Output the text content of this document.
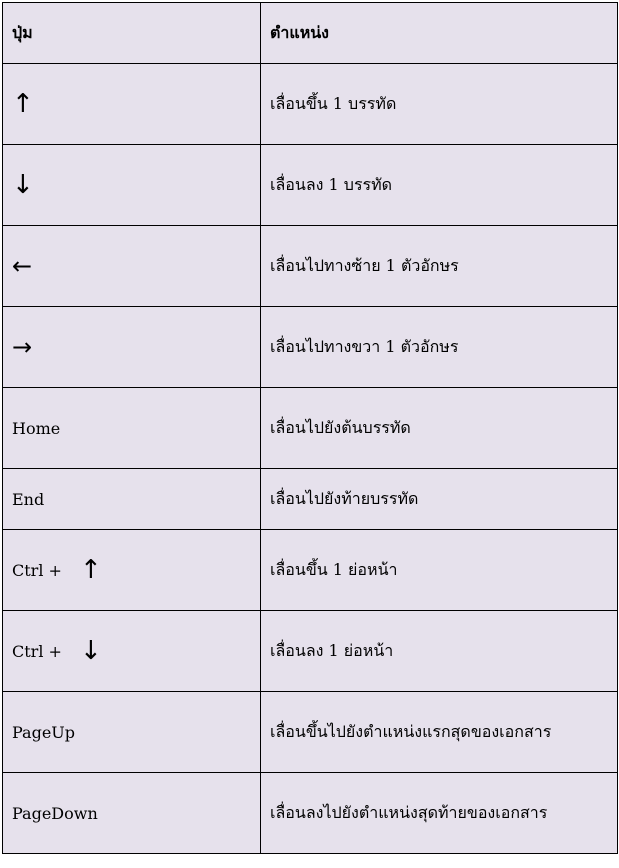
ปุ่ม	ตำแหน่ง
↑	เลื่อนขึ้น 1 บรรทัด
↓	เลื่อนลง 1 บรรทัด
←	เลื่อนไปทางซ้าย 1 ตัวอักษร
→	เลื่อนไปทางขวา 1 ตัวอักษร
Home	เลื่อนไปยังต้นบรรทัด
End	เลื่อนไปยังท้ายบรรทัด

Ctrl + ↑	เลื่อนขึ้น 1 ย่อหน้า

Ctrl + ↓	เลื่อนลง 1 ย่อหน้า
PageUp	เลื่อนขึ้นไปยังตำแหน่งแรกสุดของเอกสาร
PageDown	เลื่อนลงไปยังตำแหน่งสุดท้ายของเอกสาร
